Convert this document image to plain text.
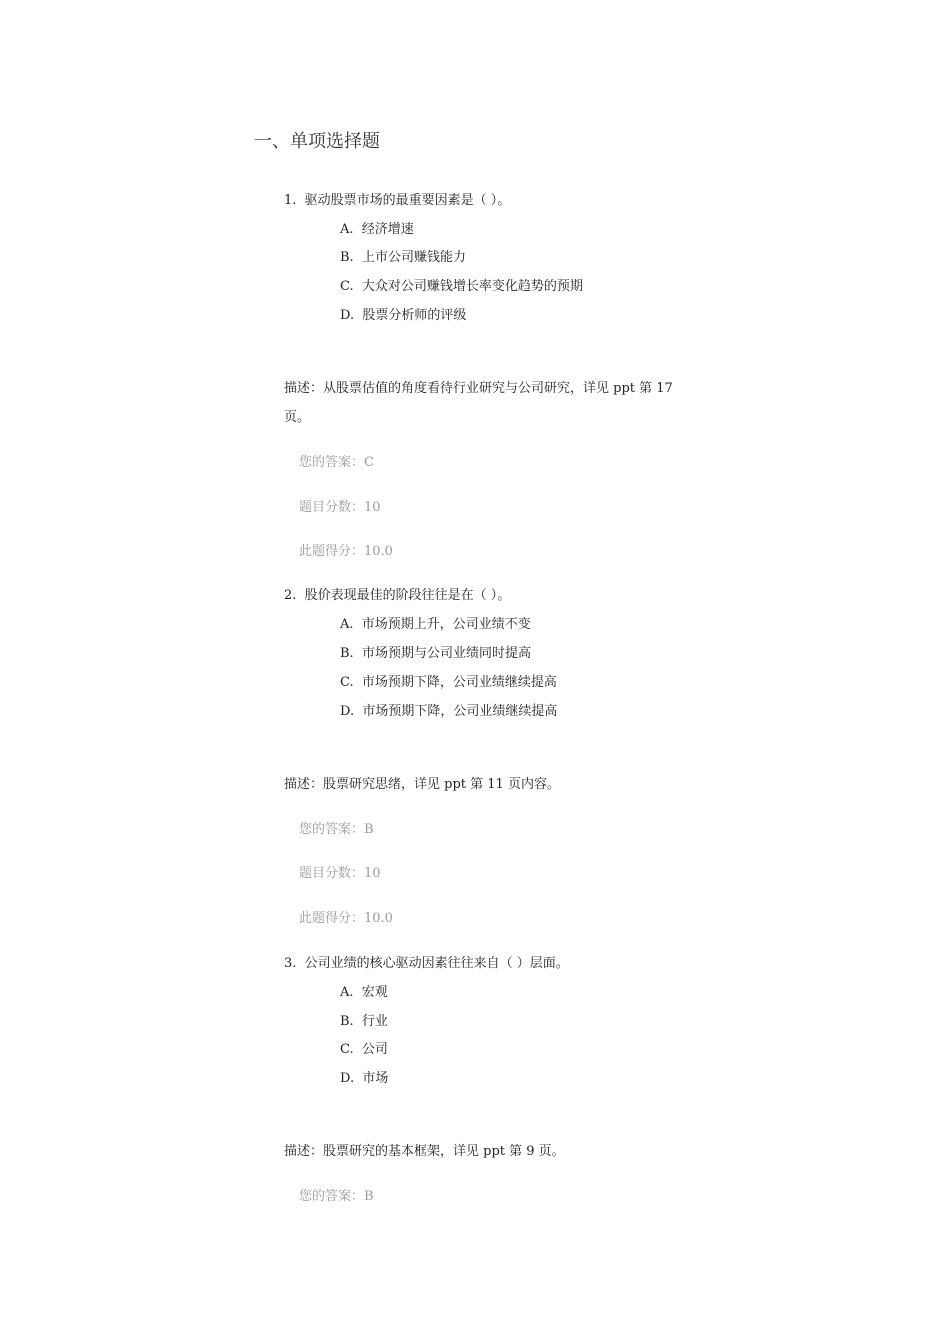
一、单项选择题
1. 驱动股票市场的最重要因素是（ ）。
A. 经济增速
B. 上市公司赚钱能力
C. 大众对公司赚钱增长率变化趋势的预期
D. 股票分析师的评级
描述：从股票估值的角度看待行业研究与公司研究，详见 ppt 第 17
页。
您的答案：C
题目分数：10
此题得分：10.0
2. 股价表现最佳的阶段往往是在（ ）。
A. 市场预期上升，公司业绩不变
B. 市场预期与公司业绩同时提高
C. 市场预期下降，公司业绩继续提高
D. 市场预期下降，公司业绩继续提高
描述：股票研究思绪，详见 ppt 第 11 页内容。
您的答案：B
题目分数：10
此题得分：10.0
3. 公司业绩的核心驱动因素往往来自（ ）层面。
A. 宏观
B. 行业
C. 公司
D. 市场
描述：股票研究的基本框架，详见 ppt 第 9 页。
您的答案：B
